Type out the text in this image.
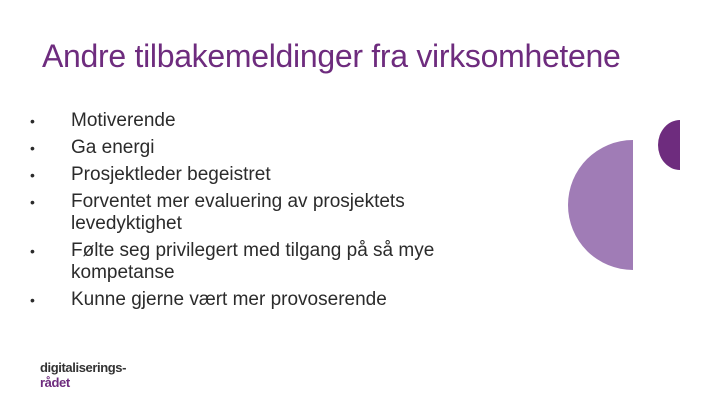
Andre tilbakemeldinger fra virksomhetene
• Motiverende
• Ga energi
• Prosjektleder begeistret
• Forventet mer evaluering av prosjektets levedyktighet
• Følte seg privilegert med tilgang på så mye kompetanse
• Kunne gjerne vært mer provoserende
digitaliserings-
rådet
